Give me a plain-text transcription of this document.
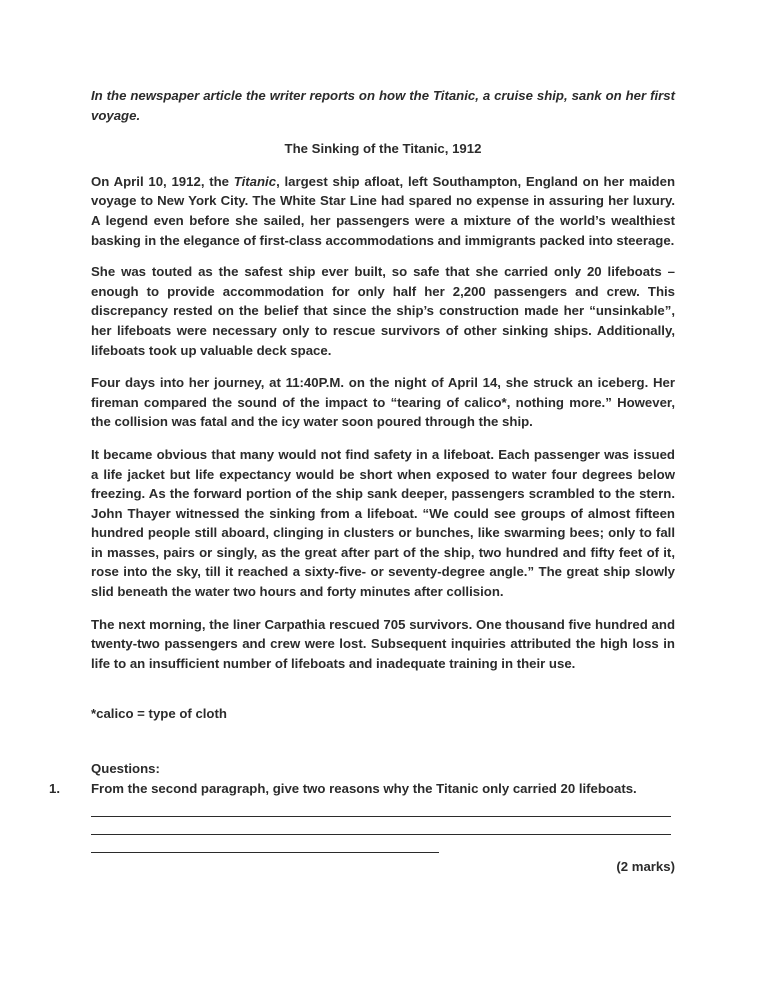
In the newspaper article the writer reports on how the Titanic, a cruise ship, sank on her first voyage.

The Sinking of the Titanic, 1912

On April 10, 1912, the Titanic, largest ship afloat, left Southampton, England on her maiden voyage to New York City. The White Star Line had spared no expense in assuring her luxury. A legend even before she sailed, her passengers were a mixture of the world’s wealthiest basking in the elegance of first-class accommodations and immigrants packed into steerage.

She was touted as the safest ship ever built, so safe that she carried only 20 lifeboats – enough to provide accommodation for only half her 2,200 passengers and crew. This discrepancy rested on the belief that since the ship’s construction made her “unsinkable”, her lifeboats were necessary only to rescue survivors of other sinking ships. Additionally, lifeboats took up valuable deck space.

Four days into her journey, at 11:40P.M. on the night of April 14, she struck an iceberg. Her fireman compared the sound of the impact to “tearing of calico*, nothing more.” However, the collision was fatal and the icy water soon poured through the ship.

It became obvious that many would not find safety in a lifeboat. Each passenger was issued a life jacket but life expectancy would be short when exposed to water four degrees below freezing. As the forward portion of the ship sank deeper, passengers scrambled to the stern. John Thayer witnessed the sinking from a lifeboat. “We could see groups of almost fifteen hundred people still aboard, clinging in clusters or bunches, like swarming bees; only to fall in masses, pairs or singly, as the great after part of the ship, two hundred and fifty feet of it, rose into the sky, till it reached a sixty-five- or seventy-degree angle.” The great ship slowly slid beneath the water two hours and forty minutes after collision.

The next morning, the liner Carpathia rescued 705 survivors. One thousand five hundred and twenty-two passengers and crew were lost. Subsequent inquiries attributed the high loss in life to an insufficient number of lifeboats and inadequate training in their use.

*calico = type of cloth

Questions:

1. From the second paragraph, give two reasons why the Titanic only carried 20 lifeboats.

(2 marks)
